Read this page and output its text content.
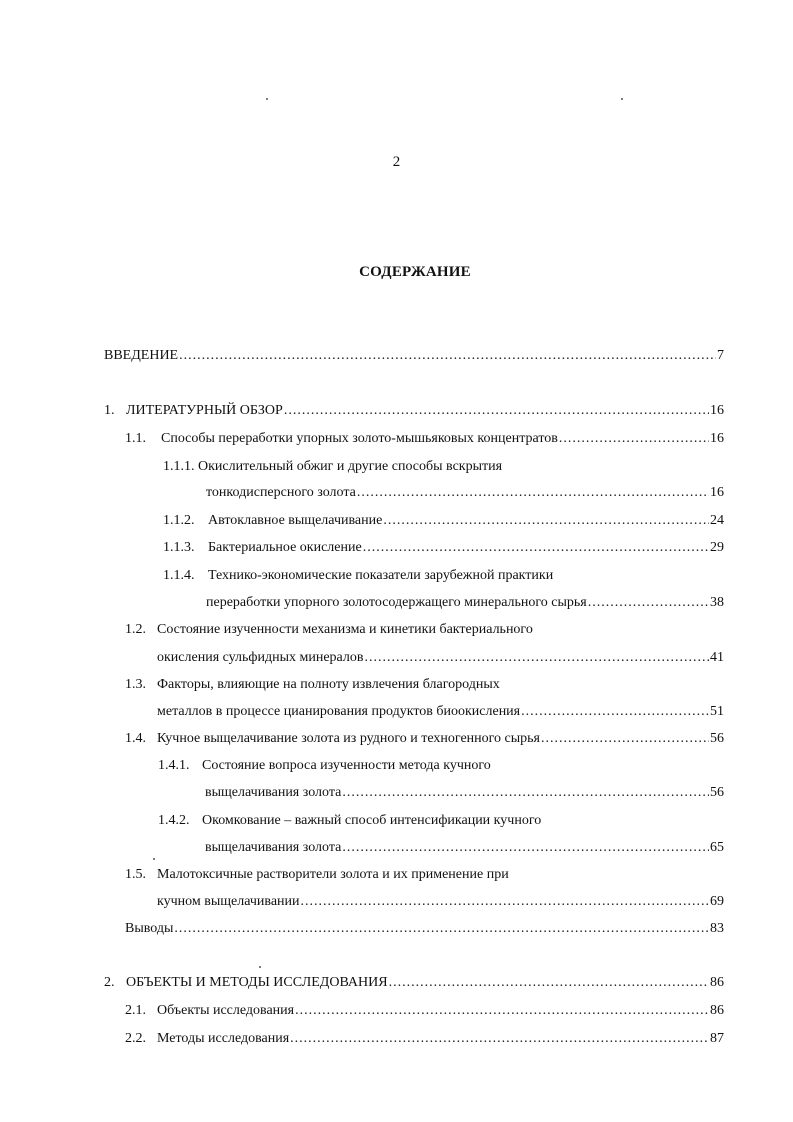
2
СОДЕРЖАНИЕ
ВВЕДЕНИЕ .....	7
1. ЛИТЕРАТУРНЫЙ ОБЗОР .....	16
1.1.	Способы переработки упорных золото-мышьяковых концентратов .....	16
1.1.1. Окислительный обжиг и другие способы вскрытия
тонкодисперсного золота .....	16
1.1.2. Автоклавное выщелачивание .....	24
1.1.3. Бактериальное окисление .....	29
1.1.4. Технико-экономические показатели зарубежной практики
переработки упорного золотосодержащего минерального сырья .....	38
1.2. Состояние изученности механизма и кинетики бактериального
окисления сульфидных минералов .....	41
1.3. Факторы, влияющие на полноту извлечения благородных
металлов в процессе цианирования продуктов биоокисления .....	51
1.4. Кучное выщелачивание золота из рудного и техногенного сырья .....	56
1.4.1. Состояние вопроса изученности метода кучного
выщелачивания золота .....	56
1.4.2. Окомкование – важный способ интенсификации кучного
выщелачивания золота .....	65
1.5. Малотоксичные растворители золота и их применение при
кучном выщелачивании .....	69
Выводы .....	83
2. ОБЪЕКТЫ И МЕТОДЫ ИССЛЕДОВАНИЯ .....	86
2.1. Объекты исследования .....	86
2.2. Методы исследования .....	87
